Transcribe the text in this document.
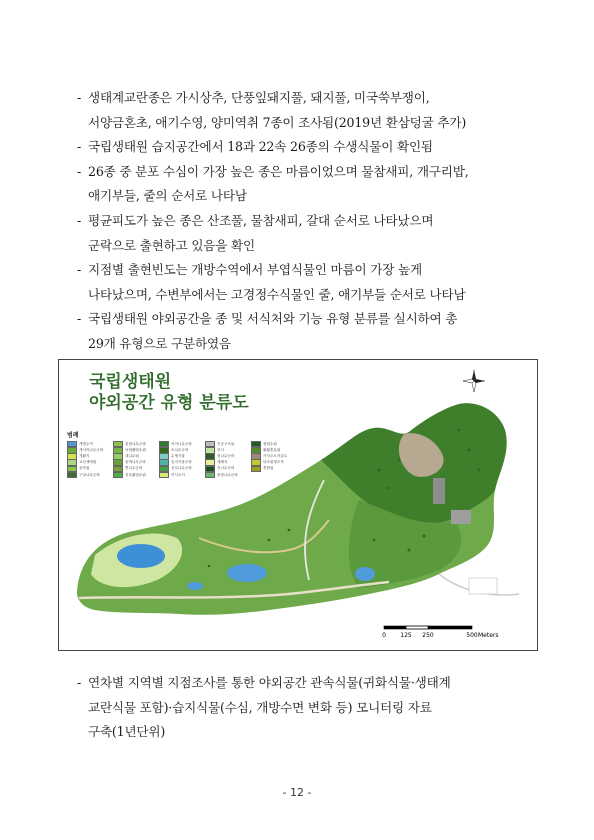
- 생태계교란종은 가시상추, 단풍잎돼지풀, 돼지풀, 미국쑥부쟁이,
서양금혼초, 애기수영, 양미역취 7종이 조사됨(2019년 환삼덩굴 추가)
- 국립생태원 습지공간에서 18과 22속 26종의 수생식물이 확인됨
- 26종 중 분포 수심이 가장 높은 종은 마름이었으며 물참새피, 개구리밥,
애기부들, 줄의 순서로 나타남
- 평균피도가 높은 종은 산조풀, 물참새피, 갈대 순서로 나타났으며
군락으로 출현하고 있음을 확인
- 지점별 출현빈도는 개방수역에서 부엽식물인 마름이 가장 높게
나타났으며, 수변부에서는 고경정수식물인 줄, 애기부들 순서로 나타남
- 국립생태원 야외공간을 종 및 서식처와 기능 유형 분류를 실시하여 총
29개 유형으로 구분하였음
국립생태원
야외공간 유형 분류도
범례
개방수역	물참나무군락	서어나무군락	인공구조물	침엽수림
개서어나무군락	낙엽활엽수림	소나무군락	잔디	활활혼효림
개활지	대나무림	수생식물	잣나무군락	카자오르자유토
교산생태원	물박나무군락	습지식물군락	재배지	타초원생초목
관목림	뽕나무군락	신갈나무군락	전나무군락	혼합림
구상나무군락	상록활엽수림	이식초지	졸참나무군락
0 125 250	500 Meters
- 연차별 지역별 지점조사를 통한 야외공간 관속식물(귀화식물·생태계
교란식물 포함)·습지식물(수심, 개방수면 변화 등) 모니터링 자료
구축(1년단위)
- 12 -
